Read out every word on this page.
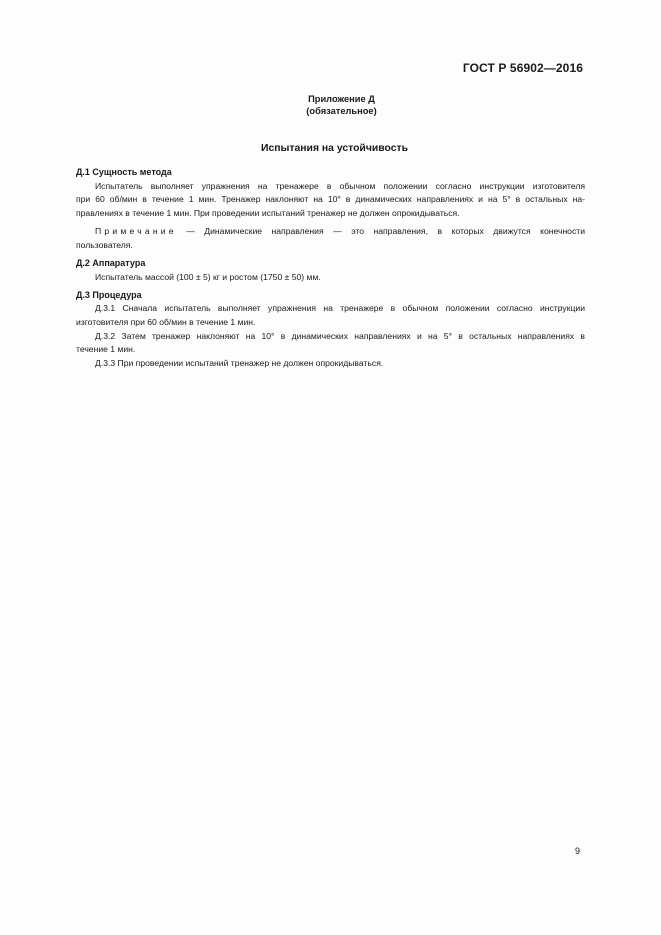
ГОСТ Р 56902—2016
Приложение Д
(обязательное)
Испытания на устойчивость
Д.1 Сущность метода
Испытатель выполняет упражнения на тренажере в обычном положении согласно инструкции изготовителя
при 60 об/мин в течение 1 мин. Тренажер наклоняют на 10° в динамических направлениях и на 5° в остальных на-
правлениях в течение 1 мин. При проведении испытаний тренажер не должен опрокидываться.
Примечание — Динамические направления — это направления, в которых движутся конечности
пользователя.
Д.2 Аппаратура
Испытатель массой (100 ± 5) кг и ростом (1750 ± 50) мм.
Д.3 Процедура
Д.3.1 Сначала испытатель выполняет упражнения на тренажере в обычном положении согласно инструкции
изготовителя при 60 об/мин в течение 1 мин.
Д.3.2 Затем тренажер наклоняют на 10° в динамических направлениях и на 5° в остальных направлениях в
течение 1 мин.
Д.3.3 При проведении испытаний тренажер не должен опрокидываться.
9
